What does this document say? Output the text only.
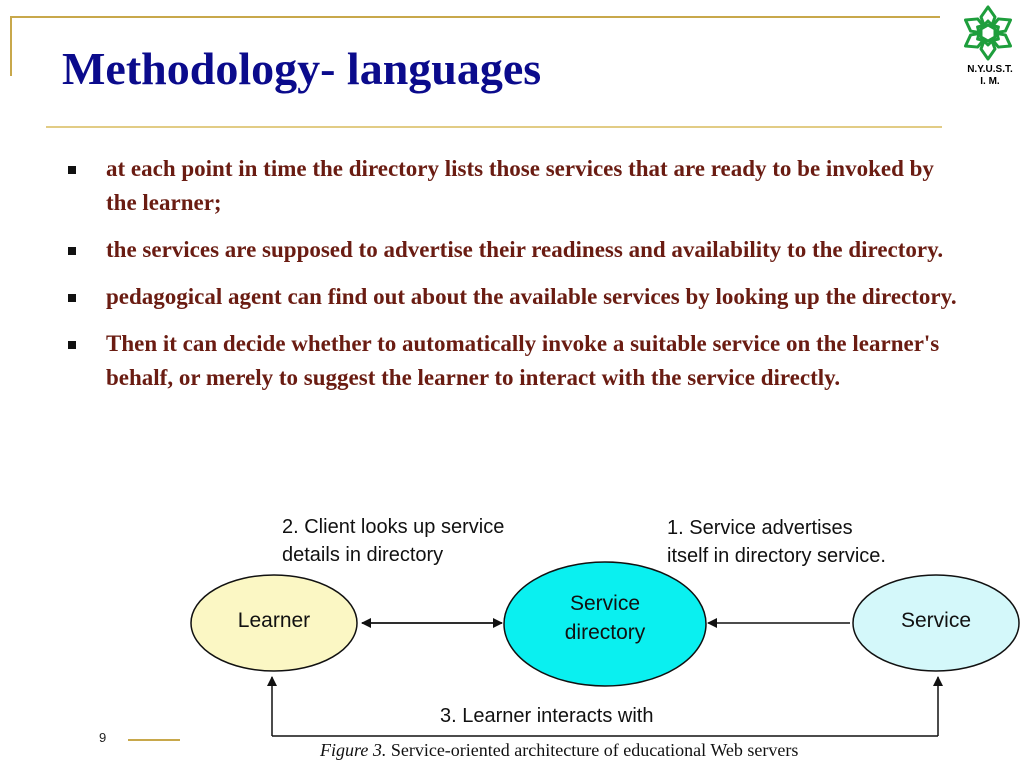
Methodology- languages	N.Y.U.S.T.
I. M.
at each point in time the directory lists those services that are ready to be invoked by the learner;
the services are supposed to advertise their readiness and availability to the directory.
pedagogical agent can find out about the available services by looking up the directory.
Then it can decide whether to automatically invoke a suitable service on the learner's behalf, or merely to suggest the learner to interact with the service directly.
2. Client looks up service
details in directory
1. Service advertises
itself in directory service.
Learner
Service
directory
Service
3. Learner interacts with

Figure 3. Service-oriented architecture of educational Web servers

9
